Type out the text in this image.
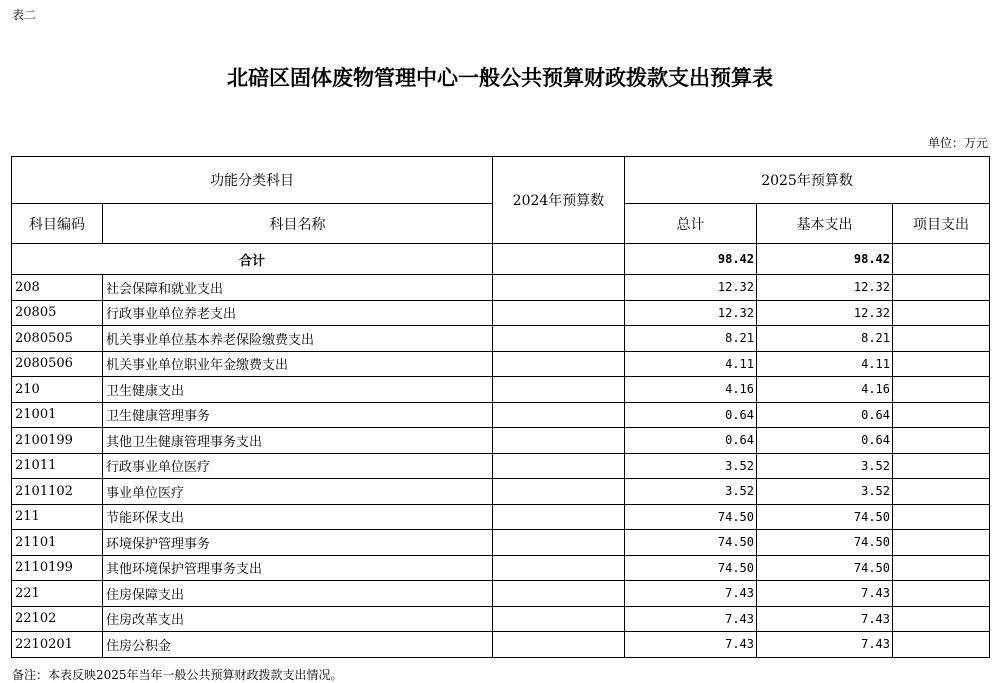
表二
北碚区固体废物管理中心一般公共预算财政拨款支出预算表
单位：万元
功能分类科目		2024年预算数	2025年预算数		
科目编码	科目名称		总计	基本支出	项目支出
合计			98.42	98.42	
208	社会保障和就业支出		12.32	12.32	
20805	行政事业单位养老支出		12.32	12.32	
2080505	机关事业单位基本养老保险缴费支出		8.21	8.21	
2080506	机关事业单位职业年金缴费支出		4.11	4.11	
210	卫生健康支出		4.16	4.16	
21001	卫生健康管理事务		0.64	0.64	
2100199	其他卫生健康管理事务支出		0.64	0.64	
21011	行政事业单位医疗		3.52	3.52	
2101102	事业单位医疗		3.52	3.52	
211	节能环保支出		74.50	74.50	
21101	环境保护管理事务		74.50	74.50	
2110199	其他环境保护管理事务支出		74.50	74.50	
221	住房保障支出		7.43	7.43	
22102	住房改革支出		7.43	7.43	
2210201	住房公积金		7.43	7.43	
备注：本表反映2025年当年一般公共预算财政拨款支出情况。
